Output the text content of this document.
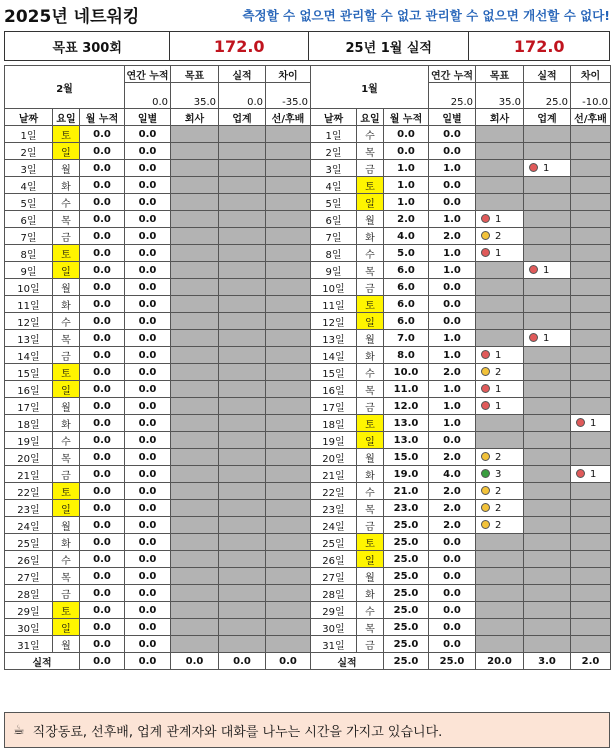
2025년 네트워킹	측정할 수 없으면 관리할 수 없고 관리할 수 없으면 개선할 수 없다!
목표 300회	172.0	25년 1월 실적	172.0
2월			연간 누적	목표	실적	차이	1월			연간 누적	목표	실적	차이
			0.0	35.0	0.0	-35.0				25.0	35.0	25.0	-10.0
날짜	요일	월 누적	일별	회사	업계	선/후배	날짜	요일	월 누적	일별	회사	업계	선/후배
1일	토	0.0	0.0				1일	수	0.0	0.0			
2일	일	0.0	0.0				2일	목	0.0	0.0			
3일	월	0.0	0.0				3일	금	1.0	1.0		1	
4일	화	0.0	0.0				4일	토	1.0	0.0			
5일	수	0.0	0.0				5일	일	1.0	0.0			
6일	목	0.0	0.0				6일	월	2.0	1.0	1		
7일	금	0.0	0.0				7일	화	4.0	2.0	2		
8일	토	0.0	0.0				8일	수	5.0	1.0	1		
9일	일	0.0	0.0				9일	목	6.0	1.0		1	
10일	월	0.0	0.0				10일	금	6.0	0.0			
11일	화	0.0	0.0				11일	토	6.0	0.0			
12일	수	0.0	0.0				12일	일	6.0	0.0			
13일	목	0.0	0.0				13일	월	7.0	1.0		1	
14일	금	0.0	0.0				14일	화	8.0	1.0	1		
15일	토	0.0	0.0				15일	수	10.0	2.0	2		
16일	일	0.0	0.0				16일	목	11.0	1.0	1		
17일	월	0.0	0.0				17일	금	12.0	1.0	1		
18일	화	0.0	0.0				18일	토	13.0	1.0			1
19일	수	0.0	0.0				19일	일	13.0	0.0			
20일	목	0.0	0.0				20일	월	15.0	2.0	2		
21일	금	0.0	0.0				21일	화	19.0	4.0	3		1
22일	토	0.0	0.0				22일	수	21.0	2.0	2		
23일	일	0.0	0.0				23일	목	23.0	2.0	2		
24일	월	0.0	0.0				24일	금	25.0	2.0	2		
25일	화	0.0	0.0				25일	토	25.0	0.0			
26일	수	0.0	0.0				26일	일	25.0	0.0			
27일	목	0.0	0.0				27일	월	25.0	0.0			
28일	금	0.0	0.0				28일	화	25.0	0.0			
29일	토	0.0	0.0				29일	수	25.0	0.0			
30일	일	0.0	0.0				30일	목	25.0	0.0			
31일	월	0.0	0.0				31일	금	25.0	0.0			
실적		0.0	0.0	0.0	0.0	0.0	실적		25.0	25.0	20.0	3.0	2.0
☕ 직장동료, 선후배, 업계 관계자와 대화를 나누는 시간을 가지고 있습니다.
